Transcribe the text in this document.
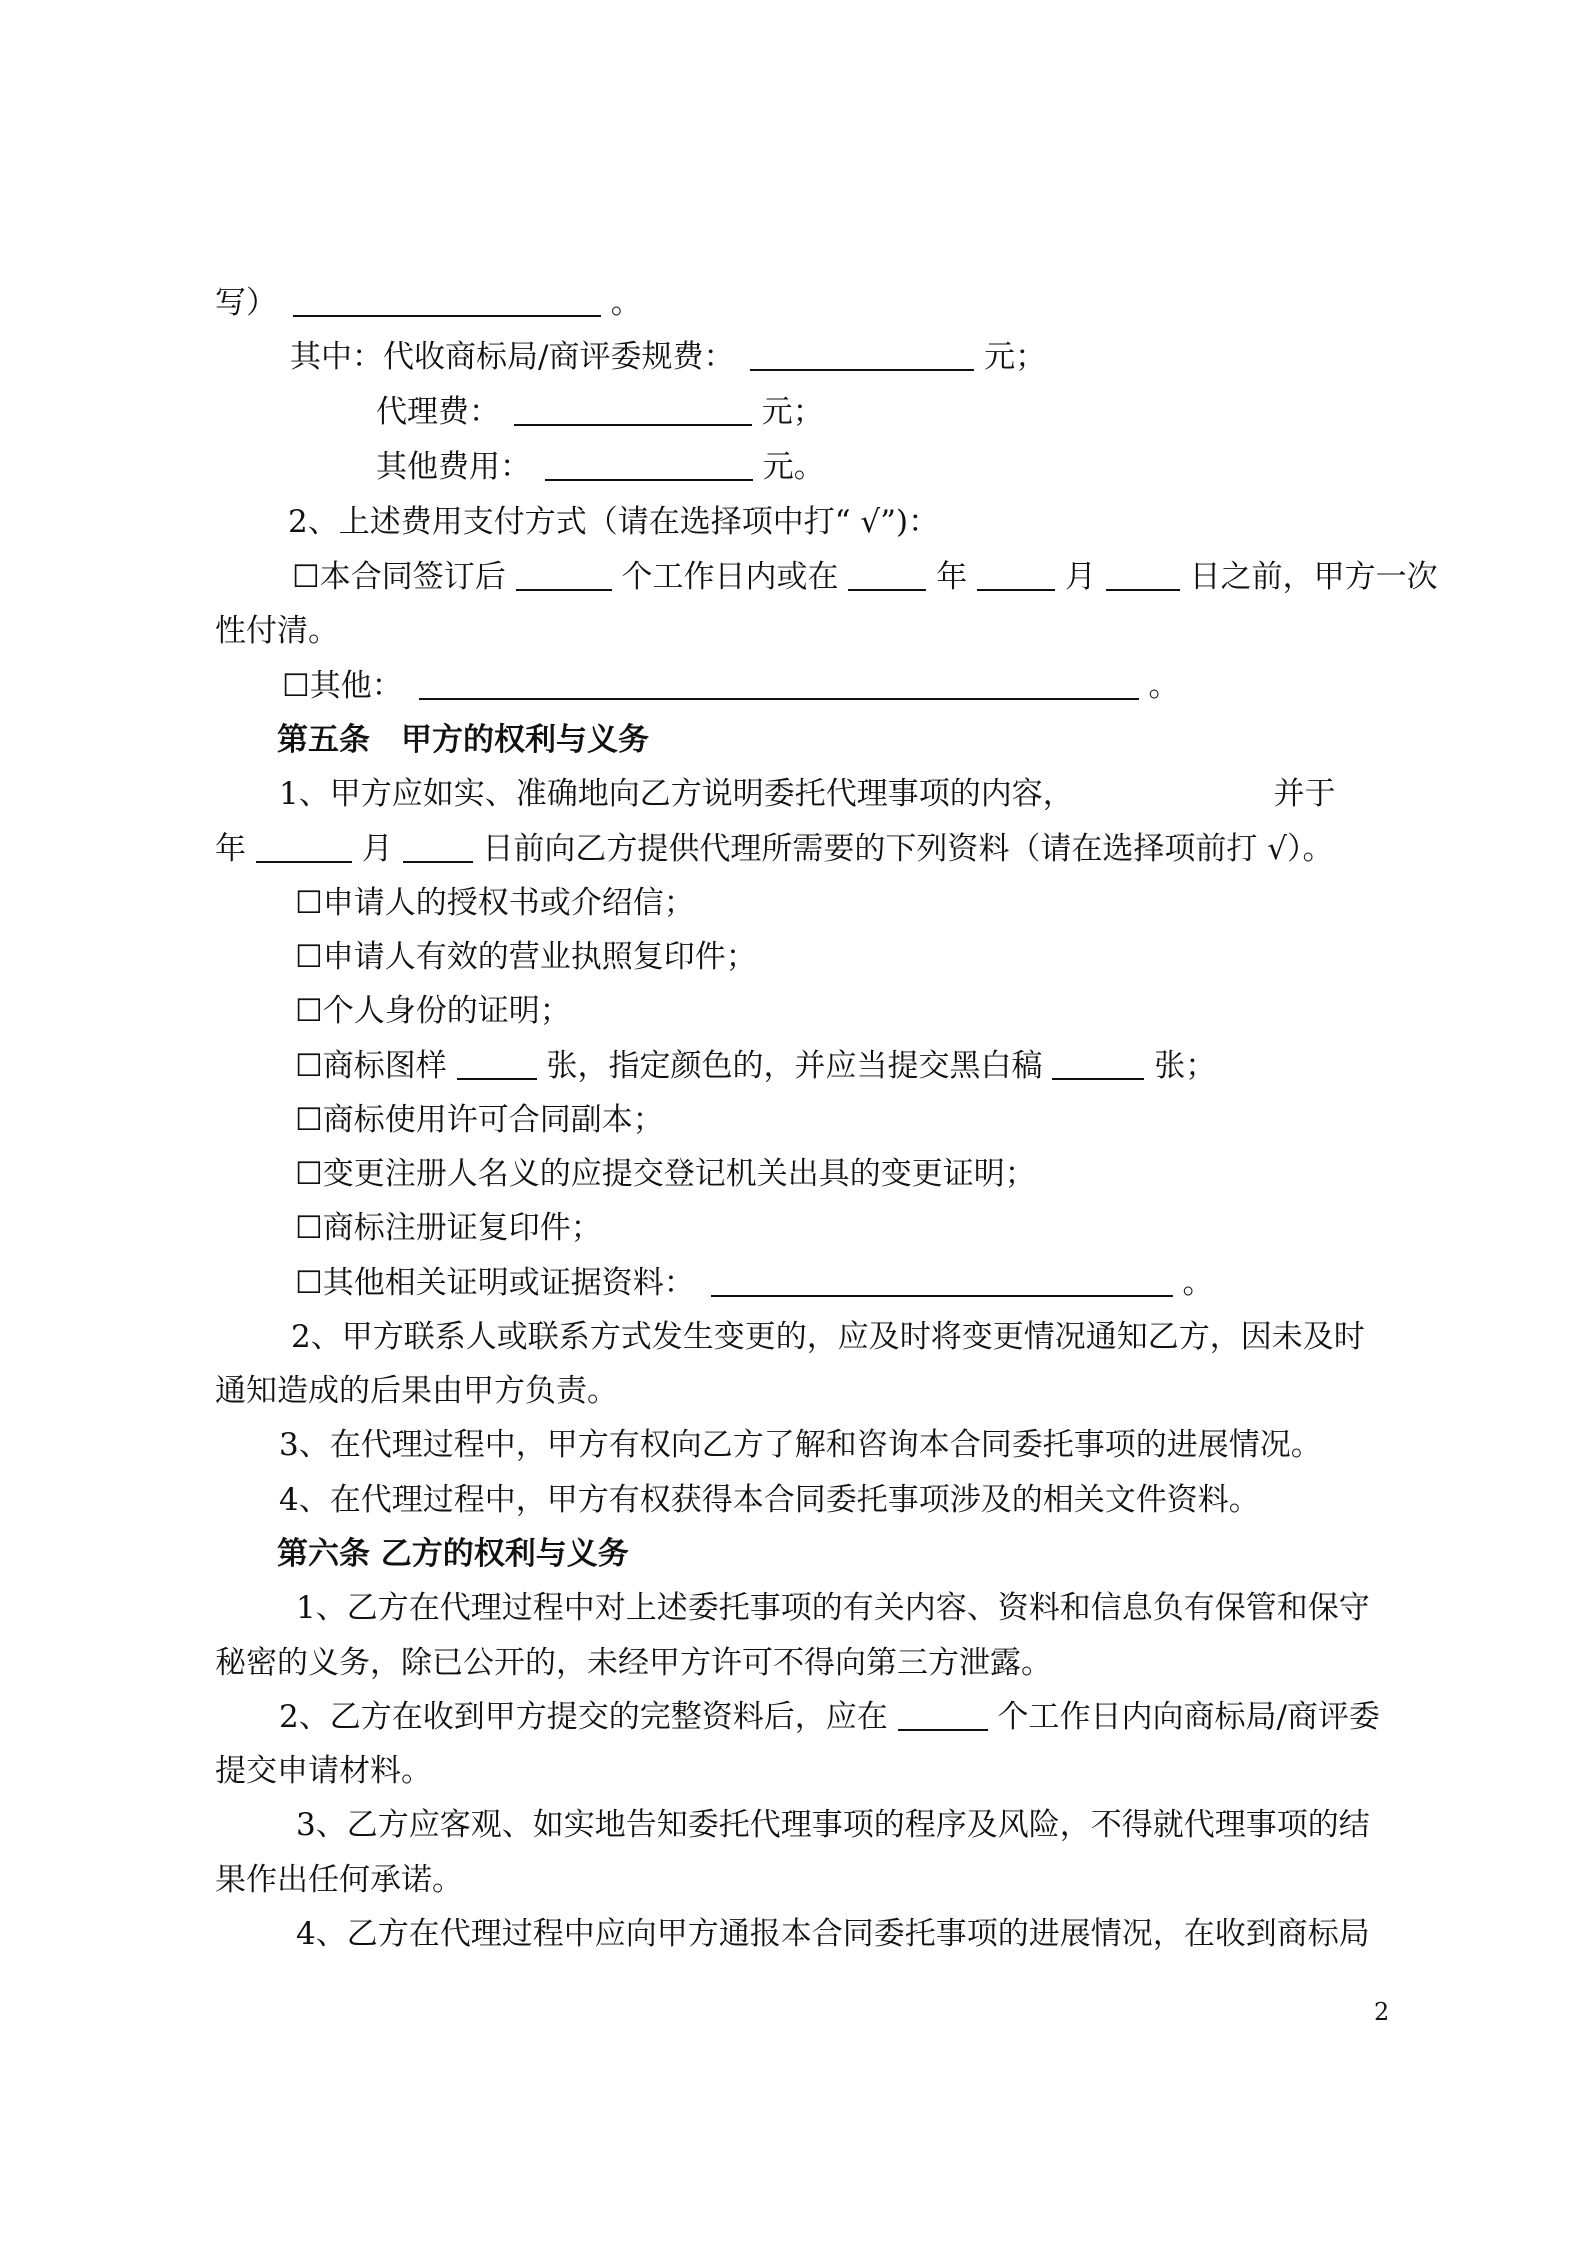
写）	。
其中：代收商标局/商评委规费：	元；
代理费：	元；
其他费用：	元。
2、上述费用支付方式（请在选择项中打“ √”)：
☐本合同签订后	个工作日内或在	年	月	日之前，甲方一次
性付清。
☐其他：	。
第五条　甲方的权利与义务
1、甲方应如实、准确地向乙方说明委托代理事项的内容，	并于
年	月	日前向乙方提供代理所需要的下列资料（请在选择项前打 √）。
☐申请人的授权书或介绍信；
☐申请人有效的营业执照复印件；
☐个人身份的证明；
☐商标图样	张，指定颜色的，并应当提交黑白稿	张；
☐商标使用许可合同副本；
☐变更注册人名义的应提交登记机关出具的变更证明；
☐商标注册证复印件；
☐其他相关证明或证据资料：	。
2、甲方联系人或联系方式发生变更的，应及时将变更情况通知乙方，因未及时
通知造成的后果由甲方负责。
3、在代理过程中，甲方有权向乙方了解和咨询本合同委托事项的进展情况。
4、在代理过程中，甲方有权获得本合同委托事项涉及的相关文件资料。
第六条 乙方的权利与义务
1、乙方在代理过程中对上述委托事项的有关内容、资料和信息负有保管和保守
秘密的义务，除已公开的，未经甲方许可不得向第三方泄露。
2、乙方在收到甲方提交的完整资料后，应在	个工作日内向商标局/商评委
提交申请材料。
3、乙方应客观、如实地告知委托代理事项的程序及风险，不得就代理事项的结
果作出任何承诺。
4、乙方在代理过程中应向甲方通报本合同委托事项的进展情况，在收到商标局
2
